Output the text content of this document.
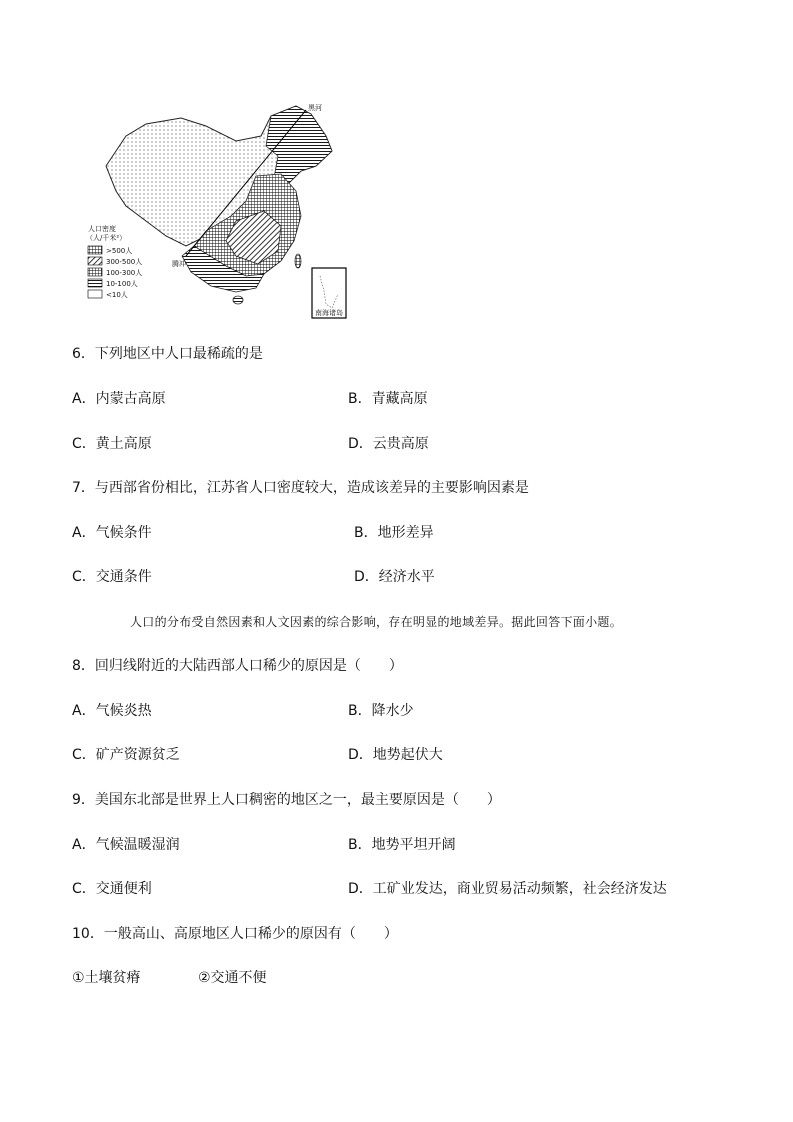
黑河
腾冲
南海诸岛
人口密度
（人/千米²）
>500人
300-500人
100-300人
10-100人
<10人
6．下列地区中人口最稀疏的是
A．内蒙古高原	B．青藏高原
C．黄土高原	D．云贵高原
7．与西部省份相比，江苏省人口密度较大，造成该差异的主要影响因素是
A．气候条件	B．地形差异
C．交通条件	D．经济水平
人口的分布受自然因素和人文因素的综合影响，存在明显的地域差异。据此回答下面小题。
8．回归线附近的大陆西部人口稀少的原因是（　　）
A．气候炎热	B．降水少
C．矿产资源贫乏	D．地势起伏大
9．美国东北部是世界上人口稠密的地区之一，最主要原因是（　　）
A．气候温暖湿润	B．地势平坦开阔
C．交通便利	D．工矿业发达，商业贸易活动频繁，社会经济发达
10．一般高山、高原地区人口稀少的原因有（　　）
①土壤贫瘠	②交通不便
